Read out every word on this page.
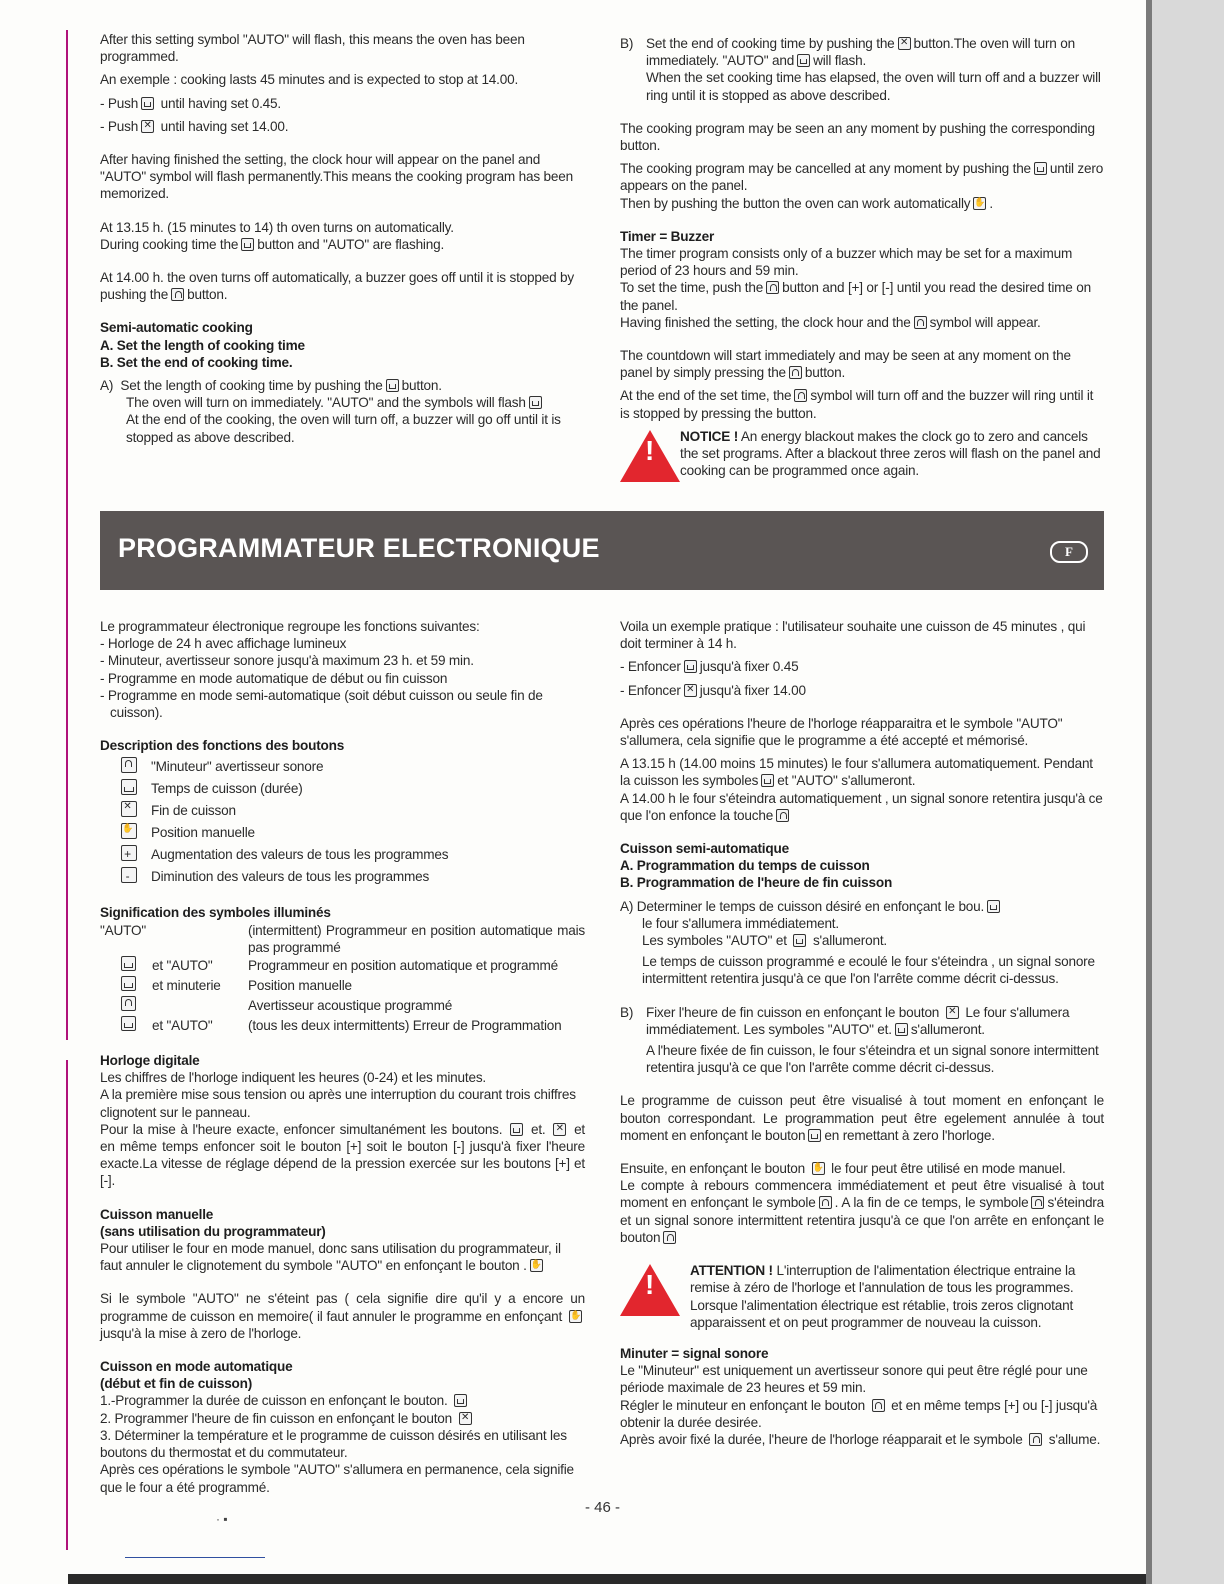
After this setting symbol "AUTO" will flash, this means the oven has been programmed.

An exemple : cooking lasts 45 minutes and is expected to stop at 14.00.

- Push until having set 0.45.

- Push ✕ until having set 14.00.

After having finished the setting, the clock hour will appear on the panel and "AUTO" symbol will flash permanently.This means the cooking program has been memorized.

At 13.15 h. (15 minutes to 14) th oven turns on automatically.

During cooking time the button and "AUTO" are flashing.

At 14.00 h. the oven turns off automatically, a buzzer goes off until it is stopped by pushing the button.

Semi-automatic cooking
A. Set the length of cooking time
B. Set the end of cooking time.
A) Set the length of cooking time by pushing the button.
The oven will turn on immediately. "AUTO" and the symbols will flash
At the end of the cooking, the oven will turn off, a buzzer will go off until it is stopped as above described.
B) Set the end of cooking time by pushing the ✕ button.The oven will turn on immediately. "AUTO" and will flash.
When the set cooking time has elapsed, the oven will turn off and a buzzer will ring until it is stopped as above described.

The cooking program may be seen an any moment by pushing the corresponding button.

The cooking program may be cancelled at any moment by pushing the until zero appears on the panel.

Then by pushing the button the oven can work automatically ✋ .

Timer = Buzzer
The timer program consists only of a buzzer which may be set for a maximum period of 23 hours and 59 min.
To set the time, push the button and [+] or [-] until you read the desired time on the panel.

Having finished the setting, the clock hour and the symbol will appear.

The countdown will start immediately and may be seen at any moment on the panel by simply pressing the button.

At the end of the set time, the symbol will turn off and the buzzer will ring until it is stopped by pressing the button.

! NOTICE ! An energy blackout makes the clock go to zero and cancels the set programs. After a blackout three zeros will flash on the panel and cooking can be programmed once again.
PROGRAMMATEUR ELECTRONIQUE	F
Le programmateur électronique regroupe les fonctions suivantes:
- Horloge de 24 h avec affichage lumineux
- Minuteur, avertisseur sonore jusqu'à maximum 23 h. et 59 min.
- Programme en mode automatique de début ou fin cuisson
- Programme en mode semi-automatique (soit début cuisson ou seule fin de cuisson).
Description des fonctions des boutons
"Minuteur" avertisseur sonore
Temps de cuisson (durée)
✕Fin de cuisson
✋Position manuelle
+Augmentation des valeurs de tous les programmes
-Diminution des valeurs de tous les programmes
Signification des symboles illuminés
"AUTO"	(intermittent) Programmeur en position automatique mais pas programmé
et "AUTO"	Programmeur en position automatique et programmé
et minuterie	Position manuelle
Avertisseur acoustique programmé
et "AUTO"	(tous les deux intermittents) Erreur de Programmation
Horloge digitale
Les chiffres de l'horloge indiquent les heures (0-24) et les minutes.
A la première mise sous tension ou après une interruption du courant trois chiffres clignotent sur le panneau.

Pour la mise à l'heure exacte, enfoncer simultanément les boutons. et. ✕ et en même temps enfoncer soit le bouton [+] soit le bouton [-] jusqu'à fixer l'heure exacte.La vitesse de réglage dépend de la pression exercée sur les boutons [+] et [-].

Cuisson manuelle
(sans utilisation du programmateur)

Pour utiliser le four en mode manuel, donc sans utilisation du programmateur, il faut annuler le clignotement du symbole "AUTO" en enfonçant le bouton .✋

Si le symbole "AUTO" ne s'éteint pas ( cela signifie dire qu'il y a encore un programme de cuisson en memoire( il faut annuler le programme en enfonçant ✋ jusqu'à la mise à zero de l'horloge.

Cuisson en mode automatique
(début et fin de cuisson)
1.-Programmer la durée de cuisson en enfonçant le bouton.
2. Programmer l'heure de fin cuisson en enfonçant le bouton ✕
3. Déterminer la température et le programme de cuisson désirés en utilisant les boutons du thermostat et du commutateur.
Après ces opérations le symbole "AUTO" s'allumera en permanence, cela signifie que le four a été programmé.

Voila un exemple pratique : l'utilisateur souhaite une cuisson de 45 minutes , qui doit terminer à 14 h.

- Enfoncer jusqu'à fixer 0.45

- Enfoncer ✕ jusqu'à fixer 14.00

Après ces opérations l'heure de l'horloge réapparaitra et le symbole "AUTO" s'allumera, cela signifie que le programme a été accepté et mémorisé.

A 13.15 h (14.00 moins 15 minutes) le four s'allumera automatiquement. Pendant la cuisson les symboles et "AUTO" s'allumeront.

A 14.00 h le four s'éteindra automatiquement , un signal sonore retentira jusqu'à ce que l'on enfonce la touche

Cuisson semi-automatique
A. Programmation du temps de cuisson
B. Programmation de l'heure de fin cuisson
A) Determiner le temps de cuisson désiré en enfonçant le bou.
le four s'allumera immédiatement.
Les symboles "AUTO" et s'allumeront.
Le temps de cuisson programmé e ecoulé le four s'éteindra , un signal sonore intermittent retentira jusqu'à ce que l'on l'arrête comme décrit ci-dessus.
B) Fixer l'heure de fin cuisson en enfonçant le bouton ✕ Le four s'allumera immédiatement. Les symboles "AUTO" et. s'allumeront.
A l'heure fixée de fin cuisson, le four s'éteindra et un signal sonore intermittent retentira jusqu'à ce que l'on l'arrête comme décrit ci-dessus.

Le programme de cuisson peut être visualisé à tout moment en enfonçant le bouton correspondant. Le programmation peut être egelement annulée à tout moment en enfonçant le bouton en remettant à zero l'horloge.

Ensuite, en enfonçant le bouton ✋ le four peut être utilisé en mode manuel.

Le compte à rebours commencera immédiatement et peut être visualisé à tout moment en enfonçant le symbole . A la fin de ce temps, le symbole s'éteindra et un signal sonore intermittent retentira jusqu'à ce que l'on arrête en enfonçant le bouton

!	ATTENTION ! L'interruption de l'alimentation électrique entraine la remise à zéro de l'horloge et l'annulation de tous les programmes. Lorsque l'alimentation électrique est rétablie, trois zeros clignotant apparaissent et on peut programmer de nouveau la cuisson.
Minuter = signal sonore
Le "Minuteur" est uniquement un avertisseur sonore qui peut être réglé pour une période maximale de 23 heures et 59 min.
Régler le minuteur en enfonçant le bouton et en même temps [+] ou [-] jusqu'à obtenir la durée desirée.
Après avoir fixé la durée, l'heure de l'horloge réapparait et le symbole s'allume.
- 46 -
· ▪
